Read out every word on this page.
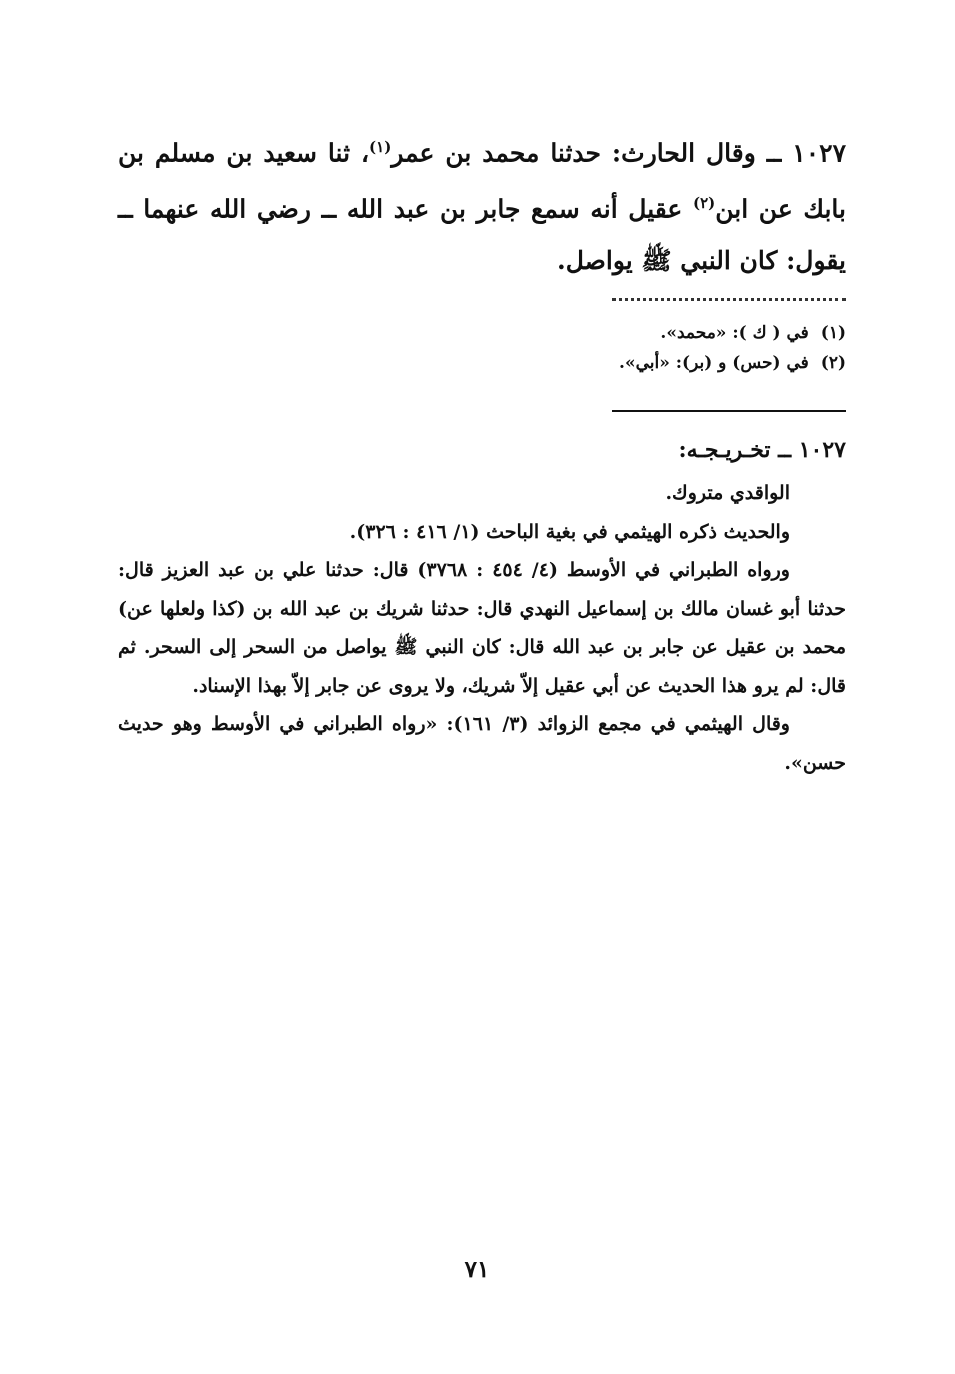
١٠٢٧ ــ وقال الحارث: حدثنا محمد بن عمر$^{(١)}$، ثنا سعيد بن مسلم بن بابك عن ابن$^{(٢)}$ عقيل أنه سمع جابر بن عبد الله ــ رضي الله عنهما ــ يقول: كان النبي ﷺ يواصل.

(١)في ( ك ): «محمد».
(٢)في (حس) و (بر): «أبي».
١٠٢٧ ــ تخـريـجـه:

الواقدي متروك.

والحديث ذكره الهيثمي في بغية الباحث (١/ ٤١٦ : ٣٢٦).

ورواه الطبراني في الأوسط (٤/ ٤٥٤ : ٣٧٦٨) قال: حدثنا علي بن عبد العزيز قال: حدثنا أبو غسان مالك بن إسماعيل النهدي قال: حدثنا شريك بن عبد الله بن (كذا ولعلها عن) محمد بن عقيل عن جابر بن عبد الله قال: كان النبي ﷺ يواصل من السحر إلى السحر. ثم قال: لم يرو هذا الحديث عن أبي عقيل إلاّ شريك، ولا يروى عن جابر إلاّ بهذا الإسناد.

وقال الهيثمي في مجمع الزوائد (٣/ ١٦١): «رواه الطبراني في الأوسط وهو حديث حسن».

٧١
